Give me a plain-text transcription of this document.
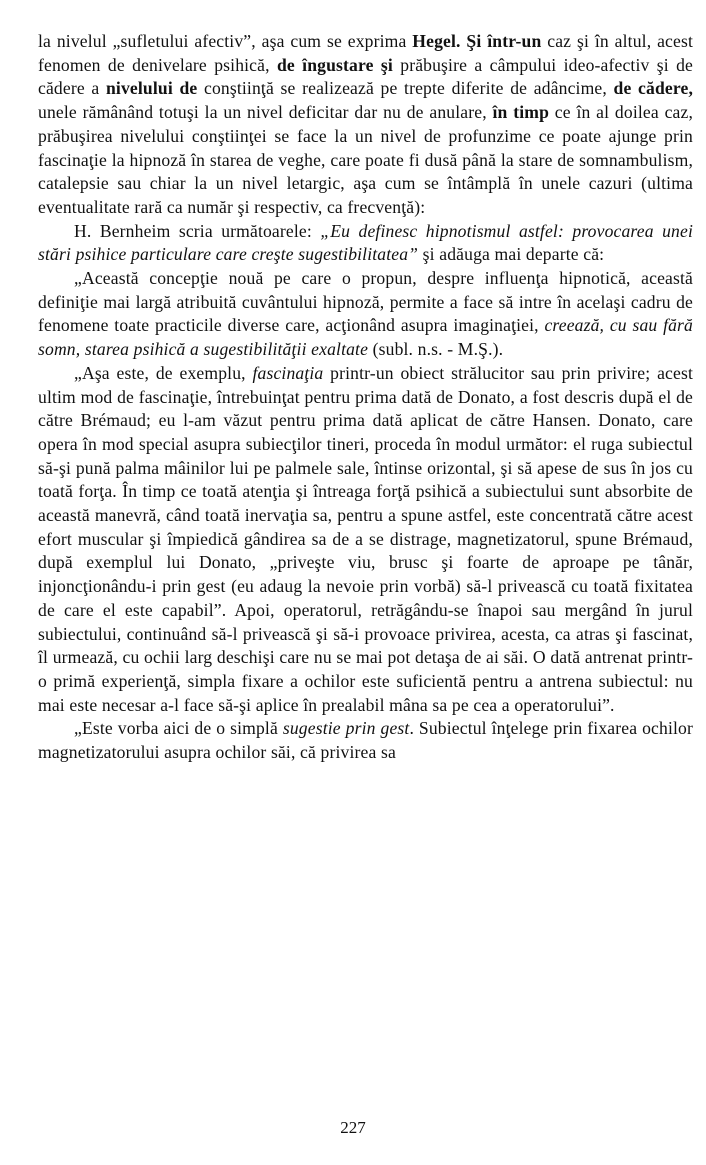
la nivelul „sufletului afectiv”, aşa cum se exprima Hegel. Şi într-un caz şi în altul, acest fenomen de denivelare psihică, de îngustare şi prăbuşire a câmpului ideo-afectiv şi de cădere a nivelului de conştiinţă se realizează pe trepte diferite de adâncime, de cădere, unele rămânând totuşi la un nivel deficitar dar nu de anulare, în timp ce în al doilea caz, prăbuşirea nivelului conştiinţei se face la un nivel de profunzime ce poate ajunge prin fascinaţie la hipnoză în starea de veghe, care poate fi dusă până la stare de somnambulism, catalepsie sau chiar la un nivel letargic, aşa cum se întâmplă în unele cazuri (ultima eventualitate rară ca număr şi respectiv, ca frecvenţă):

H. Bernheim scria următoarele: „Eu definesc hipnotismul astfel: provocarea unei stări psihice particulare care creşte sugestibilitatea” şi adăuga mai departe că:

„Această concepţie nouă pe care o propun, despre influenţa hipnotică, această definiţie mai largă atribuită cuvântului hipnoză, permite a face să intre în acelaşi cadru de fenomene toate practicile diverse care, acţionând asupra imaginaţiei, creează, cu sau fără somn, starea psihică a sugestibilităţii exaltate (subl. n.s. - M.Ş.).

„Aşa este, de exemplu, fascinaţia printr-un obiect strălucitor sau prin privire; acest ultim mod de fascinaţie, întrebuinţat pentru prima dată de Donato, a fost descris după el de către Brémaud; eu l-am văzut pentru prima dată aplicat de către Hansen. Donato, care opera în mod special asupra subiecţilor tineri, proceda în modul următor: el ruga subiectul să-şi pună palma mâinilor lui pe palmele sale, întinse orizontal, şi să apese de sus în jos cu toată forţa. În timp ce toată atenţia şi întreaga forţă psihică a subiectului sunt absorbite de această manevră, când toată inervaţia sa, pentru a spune astfel, este concentrată către acest efort muscular şi împiedică gândirea sa de a se distrage, magnetizatorul, spune Brémaud, după exemplul lui Donato, „priveşte viu, brusc şi foarte de aproape pe tânăr, injoncţionându-i prin gest (eu adaug la nevoie prin vorbă) să-l privească cu toată fixitatea de care el este capabil”. Apoi, operatorul, retrăgându-se înapoi sau mergând în jurul subiectului, continuând să-l privească şi să-i provoace privirea, acesta, ca atras şi fascinat, îl urmează, cu ochii larg deschişi care nu se mai pot detaşa de ai săi. O dată antrenat printr-o primă experienţă, simpla fixare a ochilor este suficientă pentru a antrena subiectul: nu mai este necesar a-l face să-şi aplice în prealabil mâna sa pe cea a operatorului”.

„Este vorba aici de o simplă sugestie prin gest. Subiectul înţelege prin fixarea ochilor magnetizatorului asupra ochilor săi, că privirea sa

227
